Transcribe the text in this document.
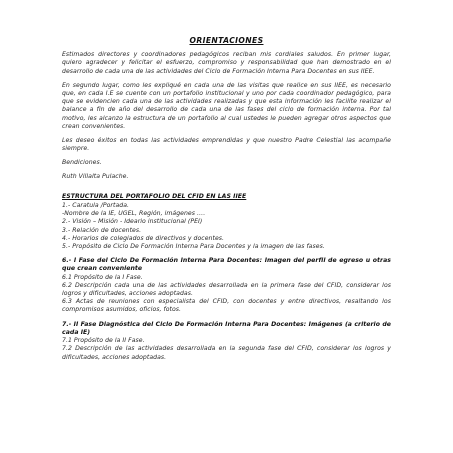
ORIENTACIONES

Estimados directores y coordinadores pedagógicos reciban mis cordiales saludos. En primer lugar, quiero agradecer y felicitar el esfuerzo, compromiso y responsabilidad que han demostrado en el desarrollo de cada una de las actividades del Ciclo de Formación Interna Para Docentes en sus IIEE.

En segundo lugar, como les expliqué en cada una de las visitas que realice en sus IIEE, es necesario que, en cada I.E se cuente con un portafolio institucional y uno por cada coordinador pedagógico, para que se evidencien cada una de las actividades realizadas y que esta información les facilite realizar el balance a fin de año del desarrollo de cada una de las fases del ciclo de formación interna. Por tal motivo, les alcanzo la estructura de un portafolio al cual ustedes le pueden agregar otros aspectos que crean convenientes.

Les deseo éxitos en todas las actividades emprendidas y que nuestro Padre Celestial las acompañe siempre.

Bendiciones.

Ruth Villalta Pulache.

ESTRUCTURA DEL PORTAFOLIO DEL CFID EN LAS IIEE

1.- Caratula /Portada.

-Nombre de la IE, UGEL, Región, imágenes ….

2.- Visión – Misión - Ideario institucional (PEI)

3.- Relación de docentes.

4.- Horarios de colegiados de directivos y docentes.

5.- Propósito de Ciclo De Formación Interna Para Docentes y la imagen de las fases.

6.- I Fase del Ciclo De Formación Interna Para Docentes: Imagen del perfil de egreso u otras que crean conveniente

6.1 Propósito de la I Fase.

6.2 Descripción cada una de las actividades desarrollada en la primera fase del CFID, considerar los logros y dificultades, acciones adoptadas.

6.3 Actas de reuniones con especialista del CFID, con docentes y entre directivos, resaltando los compromisos asumidos, oficios, fotos.

7.- II Fase Diagnóstica del Ciclo De Formación Interna Para Docentes: Imágenes (a criterio de cada IE)

7.1 Propósito de la II Fase.

7.2 Descripción de las actividades desarrollada en la segunda fase del CFID, considerar los logros y dificultades, acciones adoptadas.
